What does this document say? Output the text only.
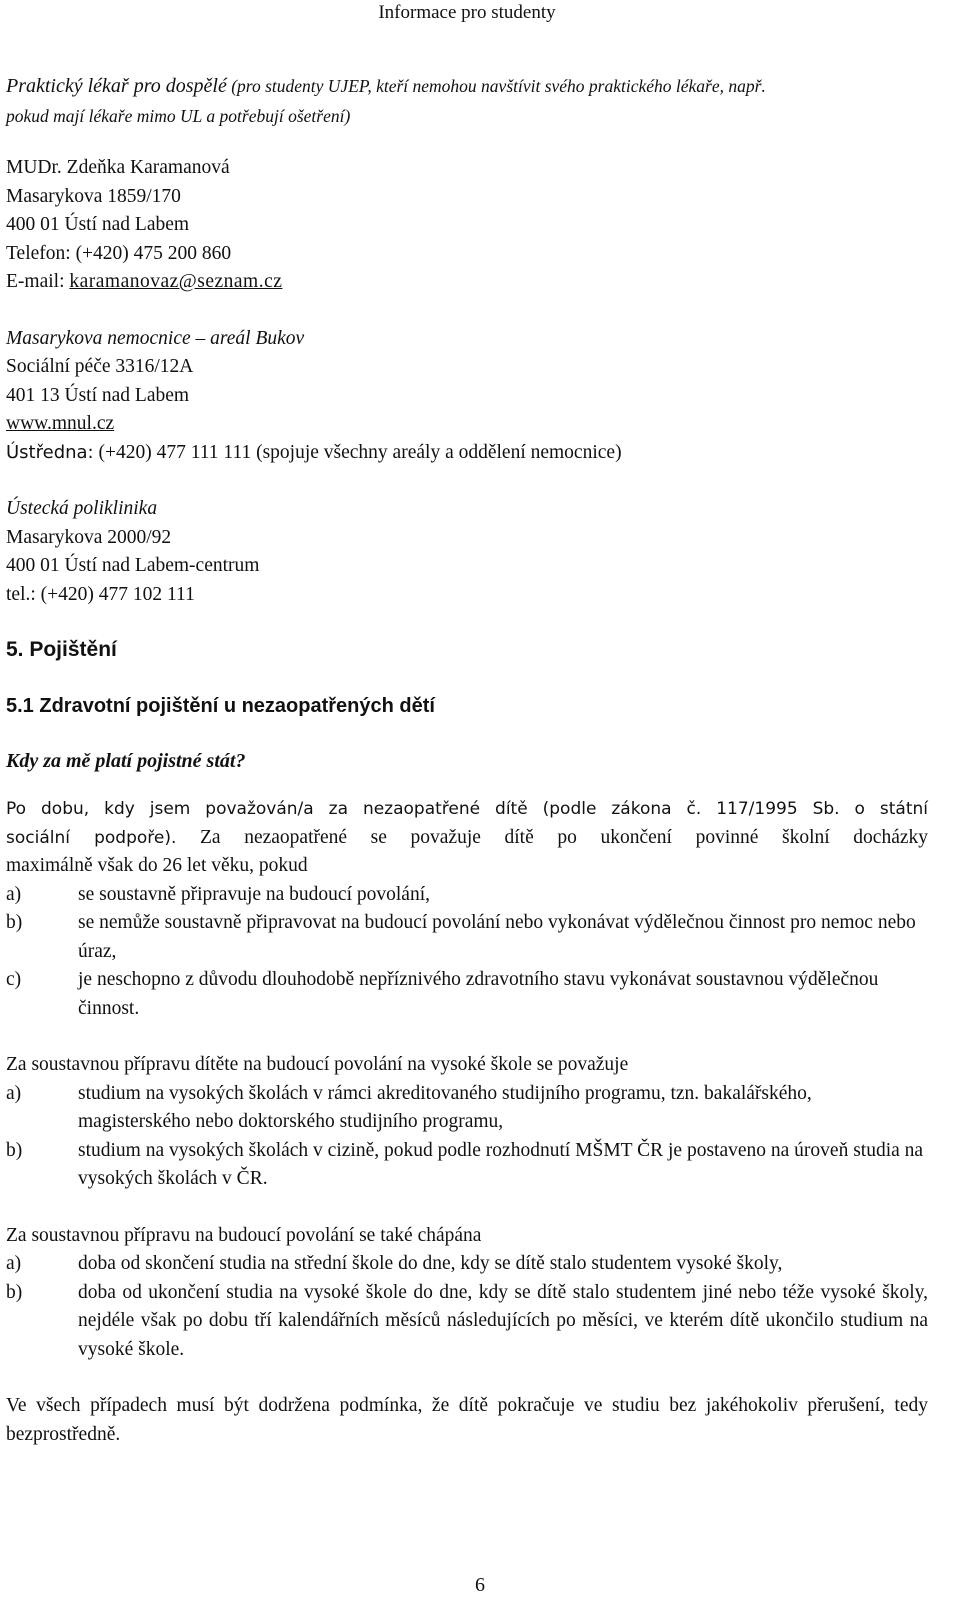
Informace pro studenty
Praktický lékař pro dospělé (pro studenty UJEP, kteří nemohou navštívit svého praktického lékaře, např.
pokud mají lékaře mimo UL a potřebují ošetření)
MUDr. Zdeňka Karamanová
Masarykova 1859/170
400 01 Ústí nad Labem
Telefon: (+420) 475 200 860
E-mail: karamanovaz@seznam.cz
Masarykova nemocnice – areál Bukov
Sociální péče 3316/12A
401 13 Ústí nad Labem
www.mnul.cz
Ústředna: (+420) 477 111 111 (spojuje všechny areály a oddělení nemocnice)
Ústecká poliklinika
Masarykova 2000/92
400 01 Ústí nad Labem-centrum
tel.: (+420) 477 102 111
5. Pojištění
5.1 Zdravotní pojištění u nezaopatřených dětí
Kdy za mě platí pojistné stát?
Po dobu, kdy jsem považován/a za nezaopatřené dítě (podle zákona č. 117/1995 Sb. o státní
sociální podpoře). Za nezaopatřené se považuje dítě po ukončení povinné školní docházky
maximálně však do 26 let věku, pokud
a)	se soustavně připravuje na budoucí povolání,
b)	se nemůže soustavně připravovat na budoucí povolání nebo vykonávat výdělečnou činnost pro nemoc nebo úraz,
c)	je neschopno z důvodu dlouhodobě nepříznivého zdravotního stavu vykonávat soustavnou výdělečnou činnost.
Za soustavnou přípravu dítěte na budoucí povolání na vysoké škole se považuje
a)	studium na vysokých školách v rámci akreditovaného studijního programu, tzn. bakalářského, magisterského nebo doktorského studijního programu,
b)	studium na vysokých školách v cizině, pokud podle rozhodnutí MŠMT ČR je postaveno na úroveň studia na vysokých školách v ČR.
Za soustavnou přípravu na budoucí povolání se také chápána
a)	doba od skončení studia na střední škole do dne, kdy se dítě stalo studentem vysoké školy,
b)	doba od ukončení studia na vysoké škole do dne, kdy se dítě stalo studentem jiné nebo téže vysoké školy, nejdéle však po dobu tří kalendářních měsíců následujících po měsíci, ve kterém dítě ukončilo studium na vysoké škole.
Ve všech případech musí být dodržena podmínka, že dítě pokračuje ve studiu bez jakéhokoliv přerušení, tedy bezprostředně.
6
